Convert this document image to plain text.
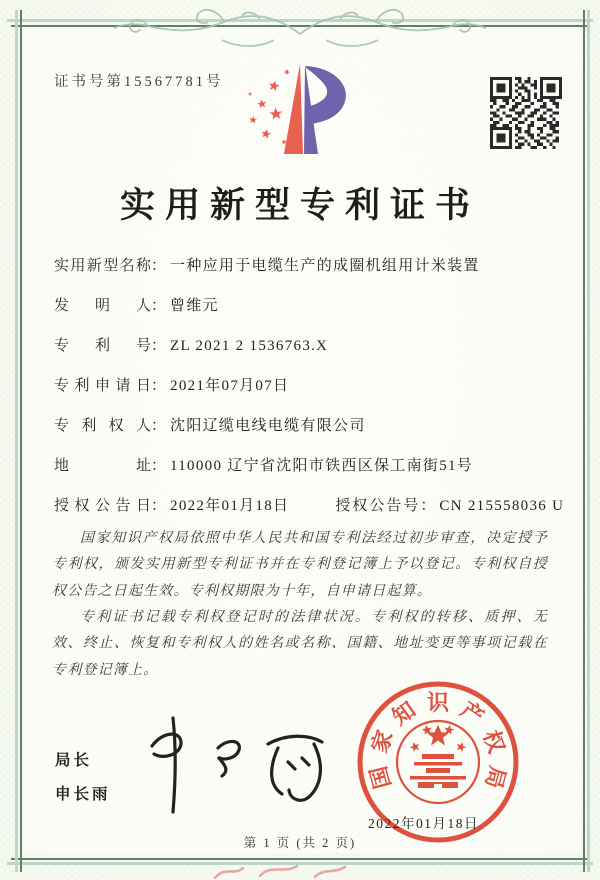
证书号第15567781号
实用新型专利证书
实用新型名称： 一种应用于电缆生产的成圈机组用计米装置
发明人： 曾维元
专利号： ZL 2021 2 1536763.X
专利申请日： 2021年07月07日
专利权人： 沈阳辽缆电线电缆有限公司
地址： 110000 辽宁省沈阳市铁西区保工南街51号
授权公告日： 2022年01月18日	授权公告号： CN 215558036 U

国家知识产权局依照中华人民共和国专利法经过初步审查，决定授予专利权，颁发实用新型专利证书并在专利登记簿上予以登记。专利权自授权公告之日起生效。专利权期限为十年，自申请日起算。

专利证书记载专利权登记时的法律状况。专利权的转移、质押、无效、终止、恢复和专利权人的姓名或名称、国籍、地址变更等事项记载在专利登记簿上。

局长
申长雨
国
家
知 识 产
权
局
2022年01月18日
第 1 页 (共 2 页)
